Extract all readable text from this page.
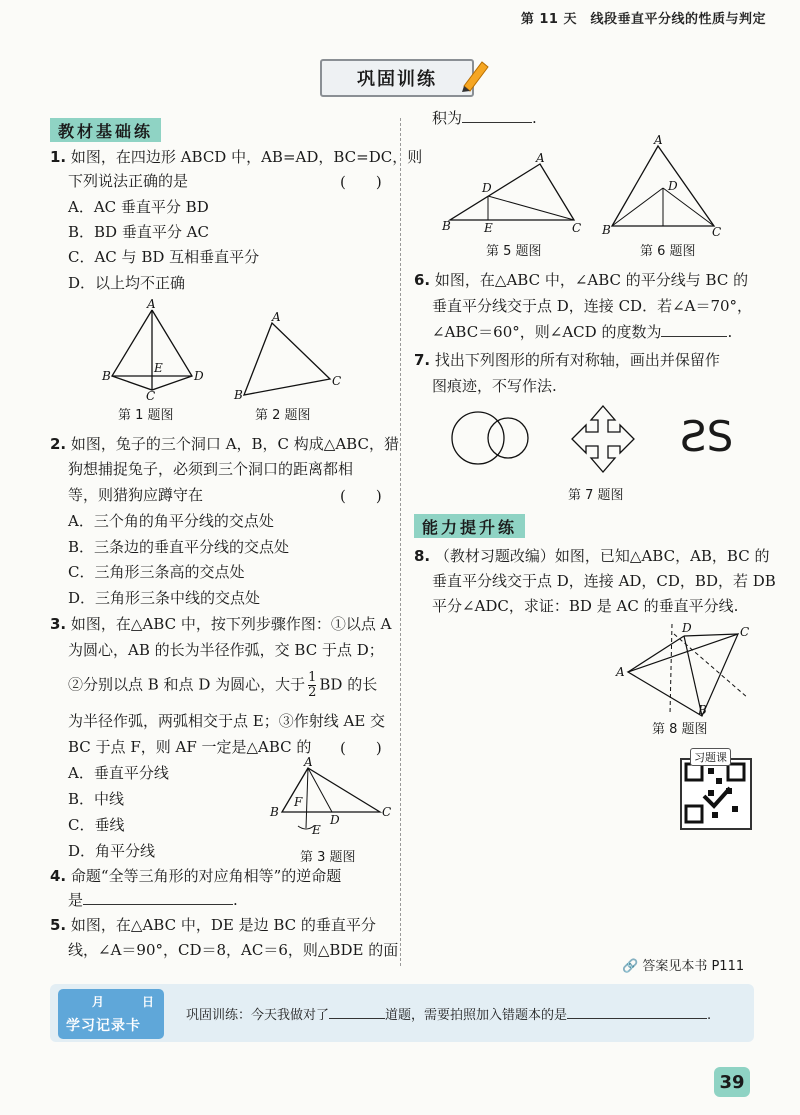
第 11 天　线段垂直平分线的性质与判定
巩固训练
教材基础练
1. 如图，在四边形 ABCD 中，AB=AD，BC=DC，则
下列说法正确的是	(　　)
A．AC 垂直平分 BD
B．BD 垂直平分 AC
C．AC 与 BD 互相垂直平分
D．以上均不正确
A
B
C
D
E
第 1 题图
A
B
C
第 2 题图
2. 如图，兔子的三个洞口 A，B，C 构成△ABC，猎
狗想捕捉兔子，必须到三个洞口的距离都相
等，则猎狗应蹲守在	(　　)
A．三个角的角平分线的交点处
B．三条边的垂直平分线的交点处
C．三角形三条高的交点处
D．三角形三条中线的交点处
3. 如图，在△ABC 中，按下列步骤作图：①以点 A
为圆心，AB 的长为半径作弧，交 BC 于点 D；
②分别以点 B 和点 D 为圆心，大于 $\frac{1}{2}$ BD 的长
为半径作弧，两弧相交于点 E；③作射线 AE 交
BC 于点 F，则 AF 一定是△ABC 的 (　　)
A．垂直平分线
B．中线
C．垂线
D．角平分线
A
B	C
F
D
E
第 3 题图
4. 命题“全等三角形的对应角相等”的逆命题
是	.
5. 如图，在△ABC 中，DE 是边 BC 的垂直平分
线，∠A＝90°，CD＝8，AC＝6，则△BDE 的面
积为	.
A
B	C
D
E
第 5 题图
A
B	C
D
第 6 题图
6. 如图，在△ABC 中，∠ABC 的平分线与 BC 的
垂直平分线交于点 D，连接 CD．若∠A＝70°，
∠ABC＝60°，则∠ACD 的度数为	.
7. 找出下列图形的所有对称轴，画出并保留作
图痕迹，不写作法.
SS
第 7 题图
能力提升练
8. （教材习题改编）如图，已知△ABC，AB，BC 的
垂直平分线交于点 D，连接 AD，CD，BD，若 DB
平分∠ADC，求证：BD 是 AC 的垂直平分线.
A
D	C
B
第 8 题图
习题课
🔗 答案见本书 P111
月	日
学习记录卡
巩固训练：今天我做对了	道题，需要拍照加入错题本的是	.
39
